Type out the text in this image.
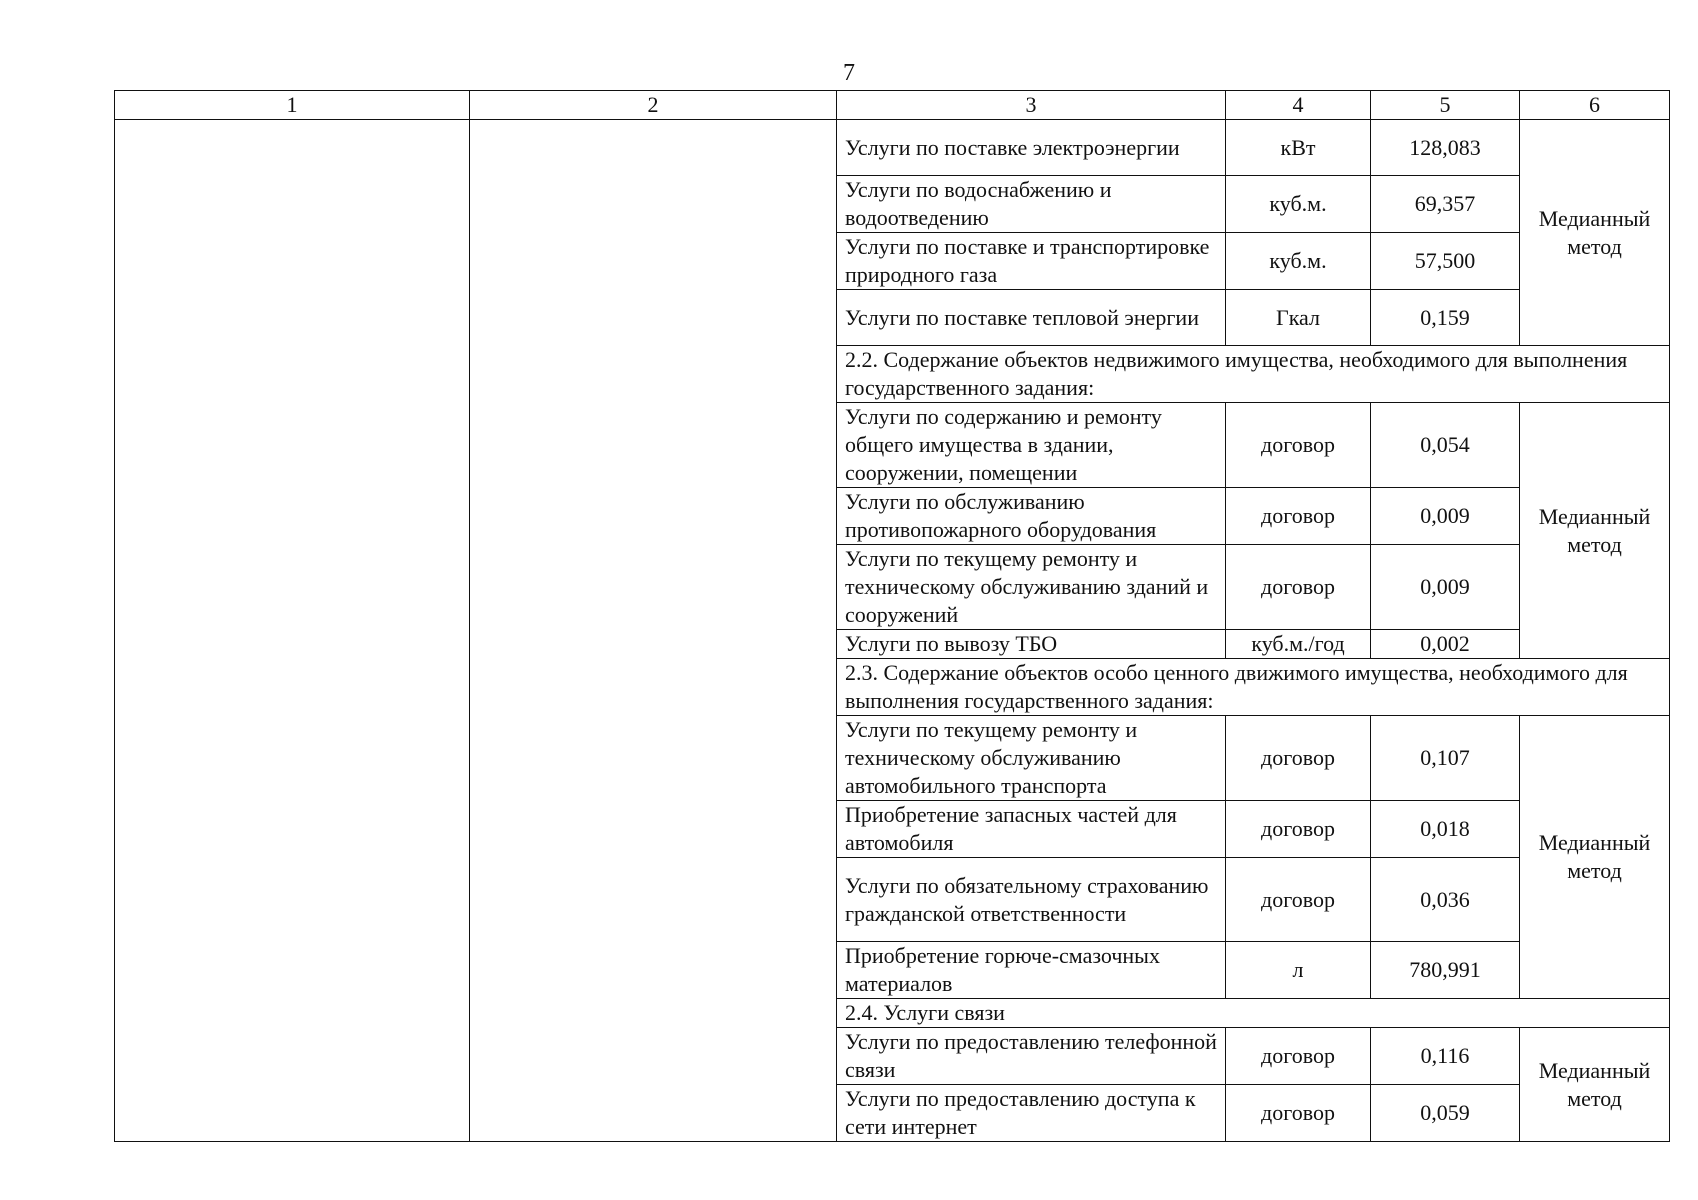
7
1	2	3	4	5	6
		Услуги по поставке электроэнергии	кВт	128,083	Медианный метод
		Услуги по водоснабжению и водоотведению	куб.м.	69,357	
		Услуги по поставке и транспортировке природного газа	куб.м.	57,500	
		Услуги по поставке тепловой энергии	Гкал	0,159	
		2.2. Содержание объектов недвижимого имущества, необходимого для выполнения государственного задания:			
		Услуги по содержанию и ремонту общего имущества в здании, сооружении, помещении	договор	0,054	Медианный метод
		Услуги по обслуживанию противопожарного оборудования	договор	0,009	
		Услуги по текущему ремонту и техническому обслуживанию зданий и сооружений	договор	0,009	
		Услуги по вывозу ТБО	куб.м./год	0,002	
		2.3. Содержание объектов особо ценного движимого имущества, необходимого для выполнения государственного задания:			
		Услуги по текущему ремонту и техническому обслуживанию автомобильного транспорта	договор	0,107	Медианный метод
		Приобретение запасных частей для автомобиля	договор	0,018	
		Услуги по обязательному страхованию гражданской ответственности	договор	0,036	
		Приобретение горюче-смазочных материалов	л	780,991	
		2.4. Услуги связи			
		Услуги по предоставлению телефонной связи	договор	0,116	Медианный метод
		Услуги по предоставлению доступа к сети интернет	договор	0,059	
